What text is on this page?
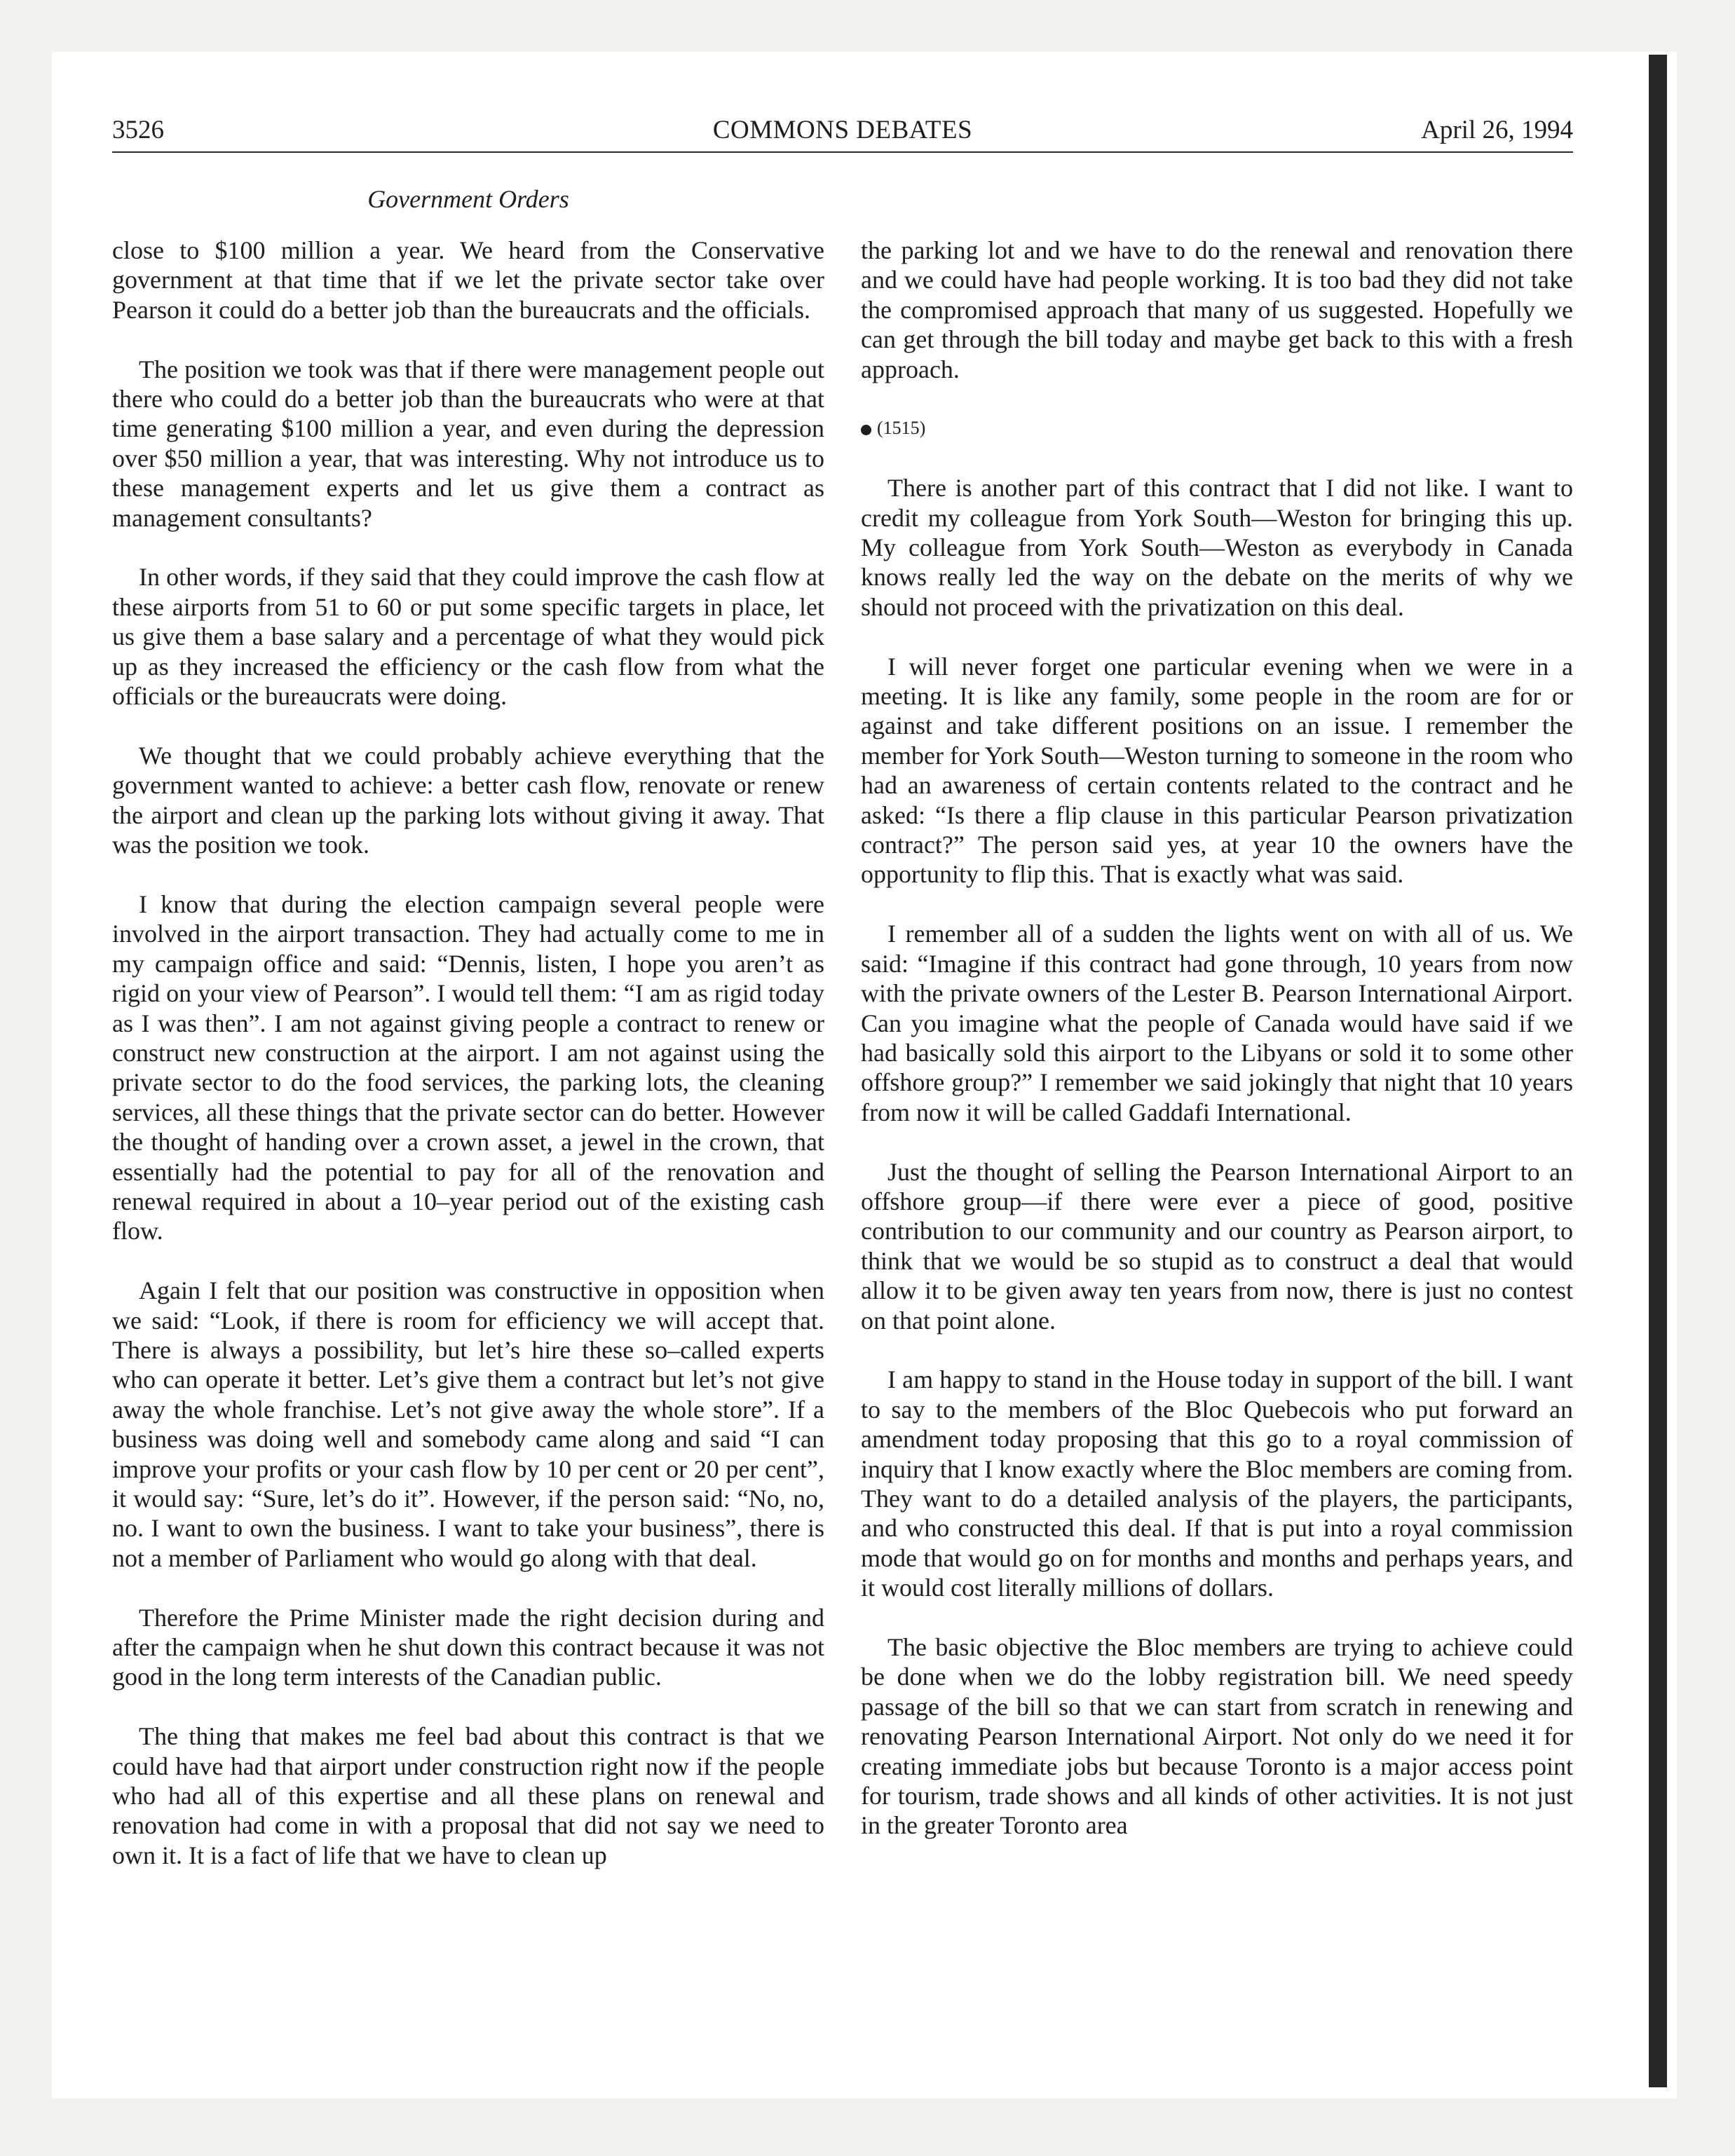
3526	COMMONS DEBATES	April 26, 1994
Government Orders

close to $100 million a year. We heard from the Conservative government at that time that if we let the private sector take over Pearson it could do a better job than the bureaucrats and the officials.

The position we took was that if there were management people out there who could do a better job than the bureaucrats who were at that time generating $100 million a year, and even during the depression over $50 million a year, that was interesting. Why not introduce us to these management experts and let us give them a contract as management consultants?

In other words, if they said that they could improve the cash flow at these airports from 51 to 60 or put some specific targets in place, let us give them a base salary and a percentage of what they would pick up as they increased the efficiency or the cash flow from what the officials or the bureaucrats were doing.

We thought that we could probably achieve everything that the government wanted to achieve: a better cash flow, renovate or renew the airport and clean up the parking lots without giving it away. That was the position we took.

I know that during the election campaign several people were involved in the airport transaction. They had actually come to me in my campaign office and said: “Dennis, listen, I hope you aren’t as rigid on your view of Pearson”. I would tell them: “I am as rigid today as I was then”. I am not against giving people a contract to renew or construct new construction at the airport. I am not against using the private sector to do the food services, the parking lots, the cleaning services, all these things that the private sector can do better. However the thought of handing over a crown asset, a jewel in the crown, that essentially had the potential to pay for all of the renovation and renewal required in about a 10–year period out of the existing cash flow.

Again I felt that our position was constructive in opposition when we said: “Look, if there is room for efficiency we will accept that. There is always a possibility, but let’s hire these so–called experts who can operate it better. Let’s give them a contract but let’s not give away the whole franchise. Let’s not give away the whole store”. If a business was doing well and somebody came along and said “I can improve your profits or your cash flow by 10 per cent or 20 per cent”, it would say: “Sure, let’s do it”. However, if the person said: “No, no, no. I want to own the business. I want to take your business”, there is not a member of Parliament who would go along with that deal.

Therefore the Prime Minister made the right decision during and after the campaign when he shut down this contract because it was not good in the long term interests of the Canadian public.

The thing that makes me feel bad about this contract is that we could have had that airport under construction right now if the people who had all of this expertise and all these plans on renewal and renovation had come in with a proposal that did not say we need to own it. It is a fact of life that we have to clean up

the parking lot and we have to do the renewal and renovation there and we could have had people working. It is too bad they did not take the compromised approach that many of us suggested. Hopefully we can get through the bill today and maybe get back to this with a fresh approach.

(1515)

There is another part of this contract that I did not like. I want to credit my colleague from York South—Weston for bringing this up. My colleague from York South—Weston as everybody in Canada knows really led the way on the debate on the merits of why we should not proceed with the privatization on this deal.

I will never forget one particular evening when we were in a meeting. It is like any family, some people in the room are for or against and take different positions on an issue. I remember the member for York South—Weston turning to someone in the room who had an awareness of certain contents related to the contract and he asked: “Is there a flip clause in this particular Pearson privatization contract?” The person said yes, at year 10 the owners have the opportunity to flip this. That is exactly what was said.

I remember all of a sudden the lights went on with all of us. We said: “Imagine if this contract had gone through, 10 years from now with the private owners of the Lester B. Pearson International Airport. Can you imagine what the people of Canada would have said if we had basically sold this airport to the Libyans or sold it to some other offshore group?” I remember we said jokingly that night that 10 years from now it will be called Gaddafi International.

Just the thought of selling the Pearson International Airport to an offshore group—if there were ever a piece of good, positive contribution to our community and our country as Pearson airport, to think that we would be so stupid as to construct a deal that would allow it to be given away ten years from now, there is just no contest on that point alone.

I am happy to stand in the House today in support of the bill. I want to say to the members of the Bloc Quebecois who put forward an amendment today proposing that this go to a royal commission of inquiry that I know exactly where the Bloc members are coming from. They want to do a detailed analysis of the players, the participants, and who constructed this deal. If that is put into a royal commission mode that would go on for months and months and perhaps years, and it would cost literally millions of dollars.

The basic objective the Bloc members are trying to achieve could be done when we do the lobby registration bill. We need speedy passage of the bill so that we can start from scratch in renewing and renovating Pearson International Airport. Not only do we need it for creating immediate jobs but because Toronto is a major access point for tourism, trade shows and all kinds of other activities. It is not just in the greater Toronto area
